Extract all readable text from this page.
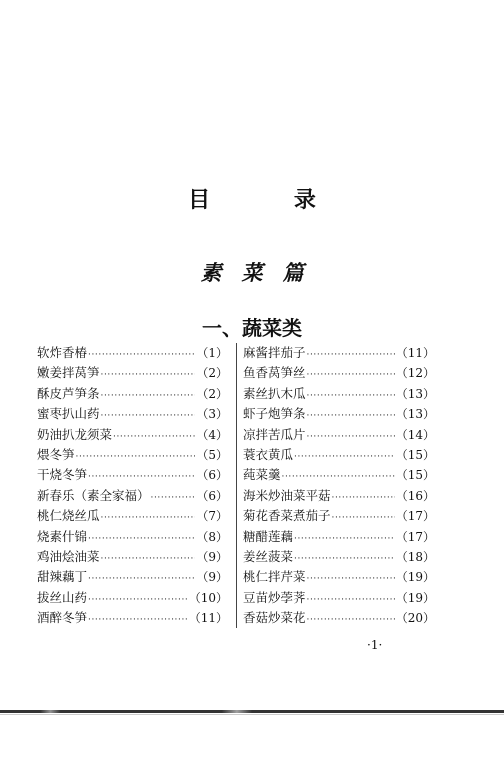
目 录
素菜篇
一、蔬菜类
软炸香椿 ·····	（1）
嫩姜拌莴笋 ·····	（2）
酥皮芦笋条 ·····	（2）
蜜枣扒山药 ·····	（3）
奶油扒龙须菜 ·····	（4）
煨冬笋 ·····	（5）
干烧冬笋 ·····	（6）
新春乐（素全家福） ·····	（6）
桃仁烧丝瓜 ·····	（7）
烧素什锦 ·····	（8）
鸡油烩油菜 ·····	（9）
甜辣藕丁 ·····	（9）
拔丝山药 ·····	（10）
酒醉冬笋 ·····	（11）
麻酱拌茄子 ·····	（11）
鱼香莴笋丝 ·····	（12）
素丝扒木瓜 ·····	（13）
虾子炮笋条 ·····	（13）
凉拌苦瓜片 ·····	（14）
蓑衣黄瓜 ·····	（15）
莼菜羹 ·····	（15）
海米炒油菜平菇 ·····	（16）
菊花香菜煮茄子 ·····	（17）
糖醋莲藕 ·····	（17）
姜丝菠菜 ·····	（18）
桃仁拌芹菜 ·····	（19）
豆苗炒荸荠 ·····	（19）
香菇炒菜花 ·····	（20）
·1·
